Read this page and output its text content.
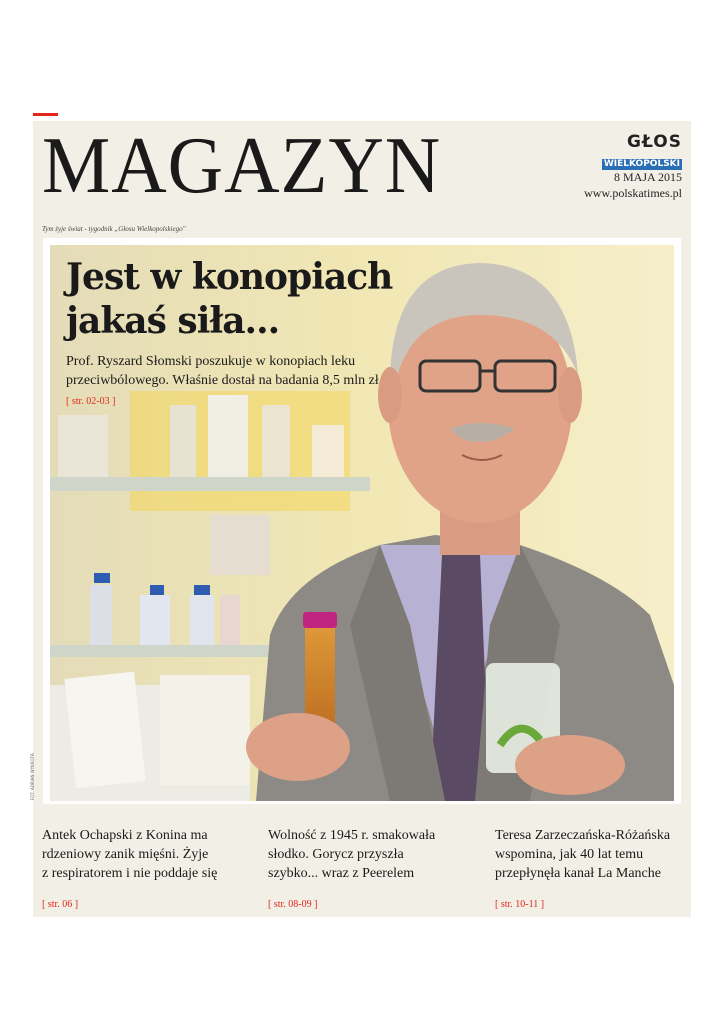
MAGAZYN	GŁOS
WIELKOPOLSKI
8 MAJA 2015
www.polskatimes.pl
Tym żyje świat - tygodnik „Głosu Wielkopolskiego"
Jest w konopiach
jakaś siła...
Prof. Ryszard Słomski poszukuje w konopiach leku
przeciwbólowego. Właśnie dostał na badania 8,5 mln zł
[ str. 02-03 ]
FOT. ADRIAN WYKROTA
Antek Ochapski z Konina ma
rdzeniowy zanik mięśni. Żyje
z respiratorem i nie poddaje się
[ str. 06 ]
Wolność z 1945 r. smakowała
słodko. Gorycz przyszła
szybko... wraz z Peerelem
[ str. 08-09 ]
Teresa Zarzeczańska-Różańska
wspomina, jak 40 lat temu
przepłynęła kanał La Manche
[ str. 10-11 ]
